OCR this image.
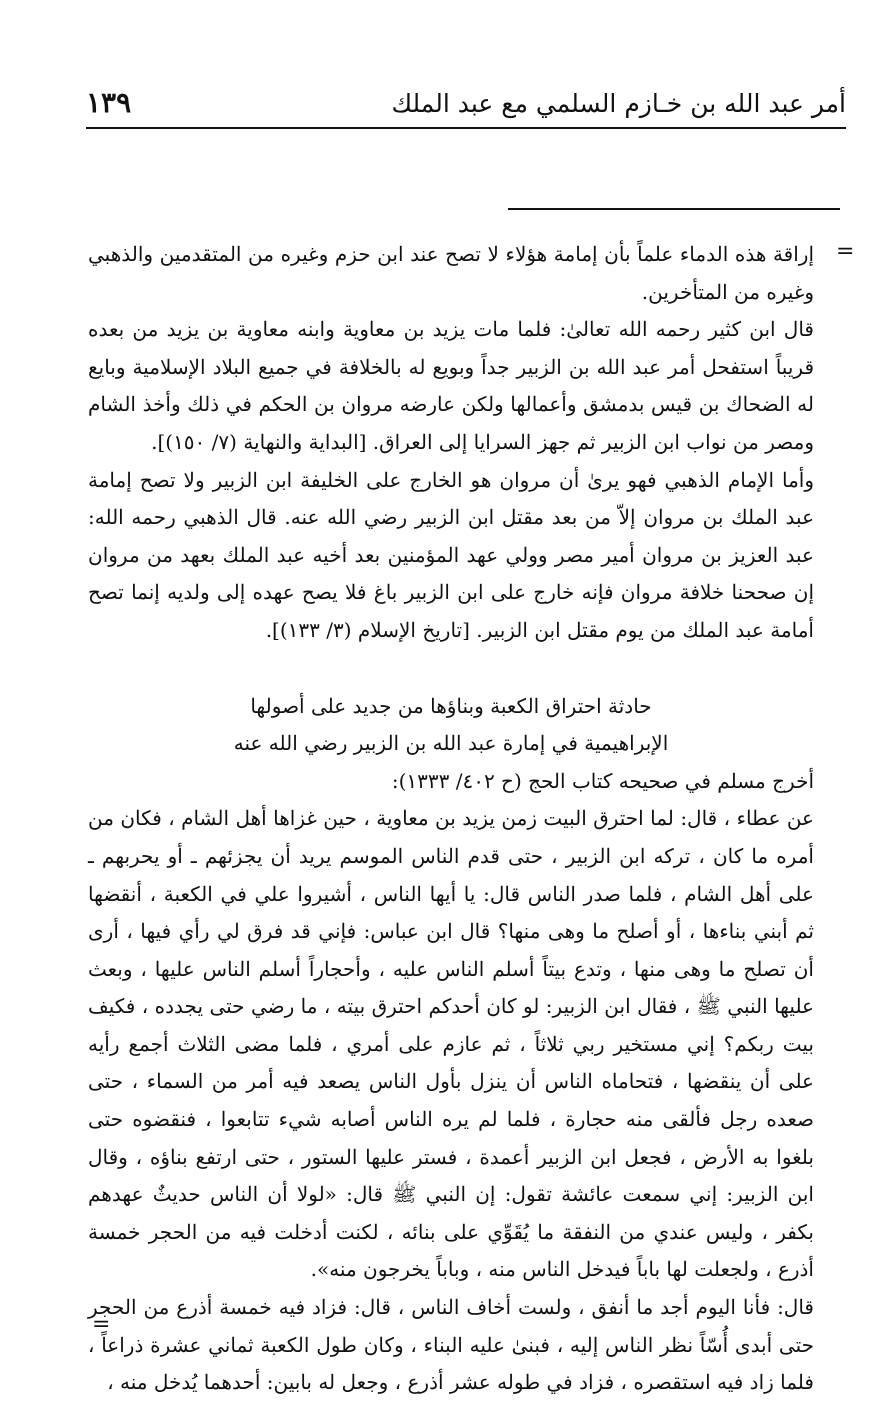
أمر عبد الله بن خـازم السلمي مع عبد الملك
١٣٩
=

إراقة هذه الدماء علماً بأن إمامة هؤلاء لا تصح عند ابن حزم وغيره من المتقدمين والذهبي وغيره من المتأخرين.

قال ابن كثير رحمه الله تعالىٰ: فلما مات يزيد بن معاوية وابنه معاوية بن يزيد من بعده قريباً استفحل أمر عبد الله بن الزبير جداً وبويع له بالخلافة في جميع البلاد الإسلامية وبايع له الضحاك بن قيس بدمشق وأعمالها ولكن عارضه مروان بن الحكم في ذلك وأخذ الشام ومصر من نواب ابن الزبير ثم جهز السرايا إلى العراق. [البداية والنهاية (٧/ ١٥٠)].

وأما الإمام الذهبي فهو يرىٰ أن مروان هو الخارج على الخليفة ابن الزبير ولا تصح إمامة عبد الملك بن مروان إلاّ من بعد مقتل ابن الزبير رضي الله عنه. قال الذهبي رحمه الله: عبد العزيز بن مروان أمير مصر وولي عهد المؤمنين بعد أخيه عبد الملك بعهد من مروان إن صححنا خلافة مروان فإنه خارج على ابن الزبير باغ فلا يصح عهده إلى ولديه إنما تصح أمامة عبد الملك من يوم مقتل ابن الزبير. [تاريخ الإسلام (٣/ ١٣٣)].

حادثة احتراق الكعبة وبناؤها من جديد على أصولها

الإبراهيمية في إمارة عبد الله بن الزبير رضي الله عنه

أخرج مسلم في صحيحه كتاب الحج (ح ٤٠٢/ ١٣٣٣):

عن عطاء ، قال: لما احترق البيت زمن يزيد بن معاوية ، حين غزاها أهل الشام ، فكان من أمره ما كان ، تركه ابن الزبير ، حتى قدم الناس الموسم يريد أن يجزئهم ـ أو يحربهم ـ على أهل الشام ، فلما صدر الناس قال: يا أيها الناس ، أشيروا علي في الكعبة ، أنقضها ثم أبني بناءها ، أو أصلح ما وهى منها؟ قال ابن عباس: فإني قد فرق لي رأي فيها ، أرى أن تصلح ما وهى منها ، وتدع بيتاً أسلم الناس عليه ، وأحجاراً أسلم الناس عليها ، وبعث عليها النبي ﷺ ، فقال ابن الزبير: لو كان أحدكم احترق بيته ، ما رضي حتى يجدده ، فكيف بيت ربكم؟ إني مستخير ربي ثلاثاً ، ثم عازم على أمري ، فلما مضى الثلاث أجمع رأيه على أن ينقضها ، فتحاماه الناس أن ينزل بأول الناس يصعد فيه أمر من السماء ، حتى صعده رجل فألقى منه حجارة ، فلما لم يره الناس أصابه شيء تتابعوا ، فنقضوه حتى بلغوا به الأرض ، فجعل ابن الزبير أعمدة ، فستر عليها الستور ، حتى ارتفع بناؤه ، وقال ابن الزبير: إني سمعت عائشة تقول: إن النبي ﷺ قال: «لولا أن الناس حديثٌ عهدهم بكفر ، وليس عندي من النفقة ما يُقَوِّي على بنائه ، لكنت أدخلت فيه من الحجر خمسة أذرع ، ولجعلت لها باباً فيدخل الناس منه ، وباباً يخرجون منه».

قال: فأنا اليوم أجد ما أنفق ، ولست أخاف الناس ، قال: فزاد فيه خمسة أذرع من الحجر حتى أبدى أُسّاً نظر الناس إليه ، فبنىٰ عليه البناء ، وكان طول الكعبة ثماني عشرة ذراعاً ، فلما زاد فيه استقصره ، فزاد في طوله عشر أذرع ، وجعل له بابين: أحدهما يُدخل منه ،

=
